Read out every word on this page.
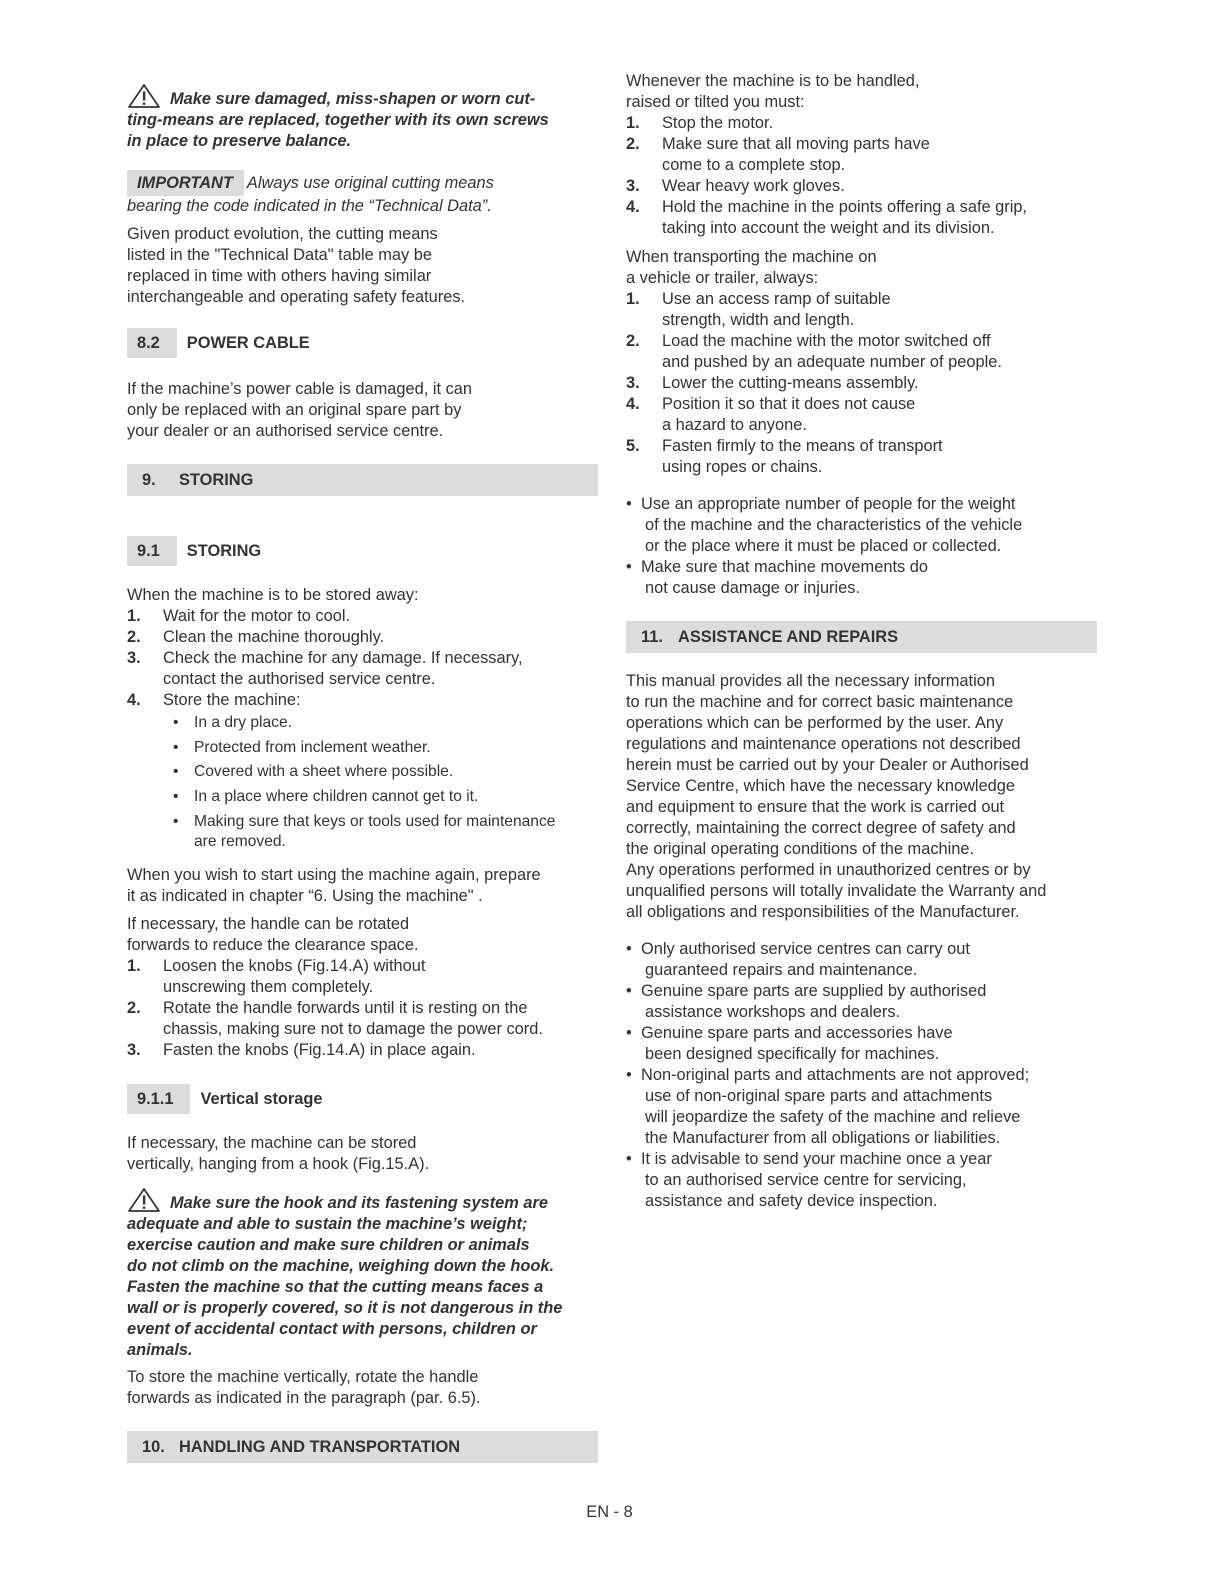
Make sure damaged, miss-shapen or worn cut-
ting-means are replaced, together with its own screws
in place to preserve balance.
IMPORTANT Always use original cutting means
bearing the code indicated in the “Technical Data”.
Given product evolution, the cutting means
listed in the "Technical Data" table may be
replaced in time with others having similar
interchangeable and operating safety features.
8.2 POWER CABLE
If the machine’s power cable is damaged, it can
only be replaced with an original spare part by
your dealer or an authorised service centre.
9. STORING
9.1 STORING
When the machine is to be stored away:
1. Wait for the motor to cool.
2. Clean the machine thoroughly.
3. Check the machine for any damage. If necessary,
contact the authorised service centre.
4. Store the machine:
• In a dry place.
• Protected from inclement weather.
• Covered with a sheet where possible.
• In a place where children cannot get to it.
• Making sure that keys or tools used for maintenance
are removed.
When you wish to start using the machine again, prepare
it as indicated in chapter “6. Using the machine" .
If necessary, the handle can be rotated
forwards to reduce the clearance space.
1. Loosen the knobs (Fig.14.A) without
unscrewing them completely.
2. Rotate the handle forwards until it is resting on the
chassis, making sure not to damage the power cord.
3. Fasten the knobs (Fig.14.A) in place again.
9.1.1 Vertical storage
If necessary, the machine can be stored
vertically, hanging from a hook (Fig.15.A).
Make sure the hook and its fastening system are
adequate and able to sustain the machine’s weight;
exercise caution and make sure children or animals
do not climb on the machine, weighing down the hook.
Fasten the machine so that the cutting means faces a
wall or is properly covered, so it is not dangerous in the
event of accidental contact with persons, children or
animals.
To store the machine vertically, rotate the handle
forwards as indicated in the paragraph (par. 6.5).
10. HANDLING AND TRANSPORTATION
Whenever the machine is to be handled,
raised or tilted you must:
1. Stop the motor.
2. Make sure that all moving parts have
come to a complete stop.
3. Wear heavy work gloves.
4. Hold the machine in the points offering a safe grip,
taking into account the weight and its division.
When transporting the machine on
a vehicle or trailer, always:
1. Use an access ramp of suitable
strength, width and length.
2. Load the machine with the motor switched off
and pushed by an adequate number of people.
3. Lower the cutting-means assembly.
4. Position it so that it does not cause
a hazard to anyone.
5. Fasten firmly to the means of transport
using ropes or chains.
• Use an appropriate number of people for the weight
of the machine and the characteristics of the vehicle
or the place where it must be placed or collected.
• Make sure that machine movements do
not cause damage or injuries.
11. ASSISTANCE AND REPAIRS
This manual provides all the necessary information
to run the machine and for correct basic maintenance
operations which can be performed by the user. Any
regulations and maintenance operations not described
herein must be carried out by your Dealer or Authorised
Service Centre, which have the necessary knowledge
and equipment to ensure that the work is carried out
correctly, maintaining the correct degree of safety and
the original operating conditions of the machine.
Any operations performed in unauthorized centres or by
unqualified persons will totally invalidate the Warranty and
all obligations and responsibilities of the Manufacturer.
• Only authorised service centres can carry out
guaranteed repairs and maintenance.
• Genuine spare parts are supplied by authorised
assistance workshops and dealers.
• Genuine spare parts and accessories have
been designed specifically for machines.
• Non-original parts and attachments are not approved;
use of non-original spare parts and attachments
will jeopardize the safety of the machine and relieve
the Manufacturer from all obligations or liabilities.
• It is advisable to send your machine once a year
to an authorised service centre for servicing,
assistance and safety device inspection.
EN - 8
